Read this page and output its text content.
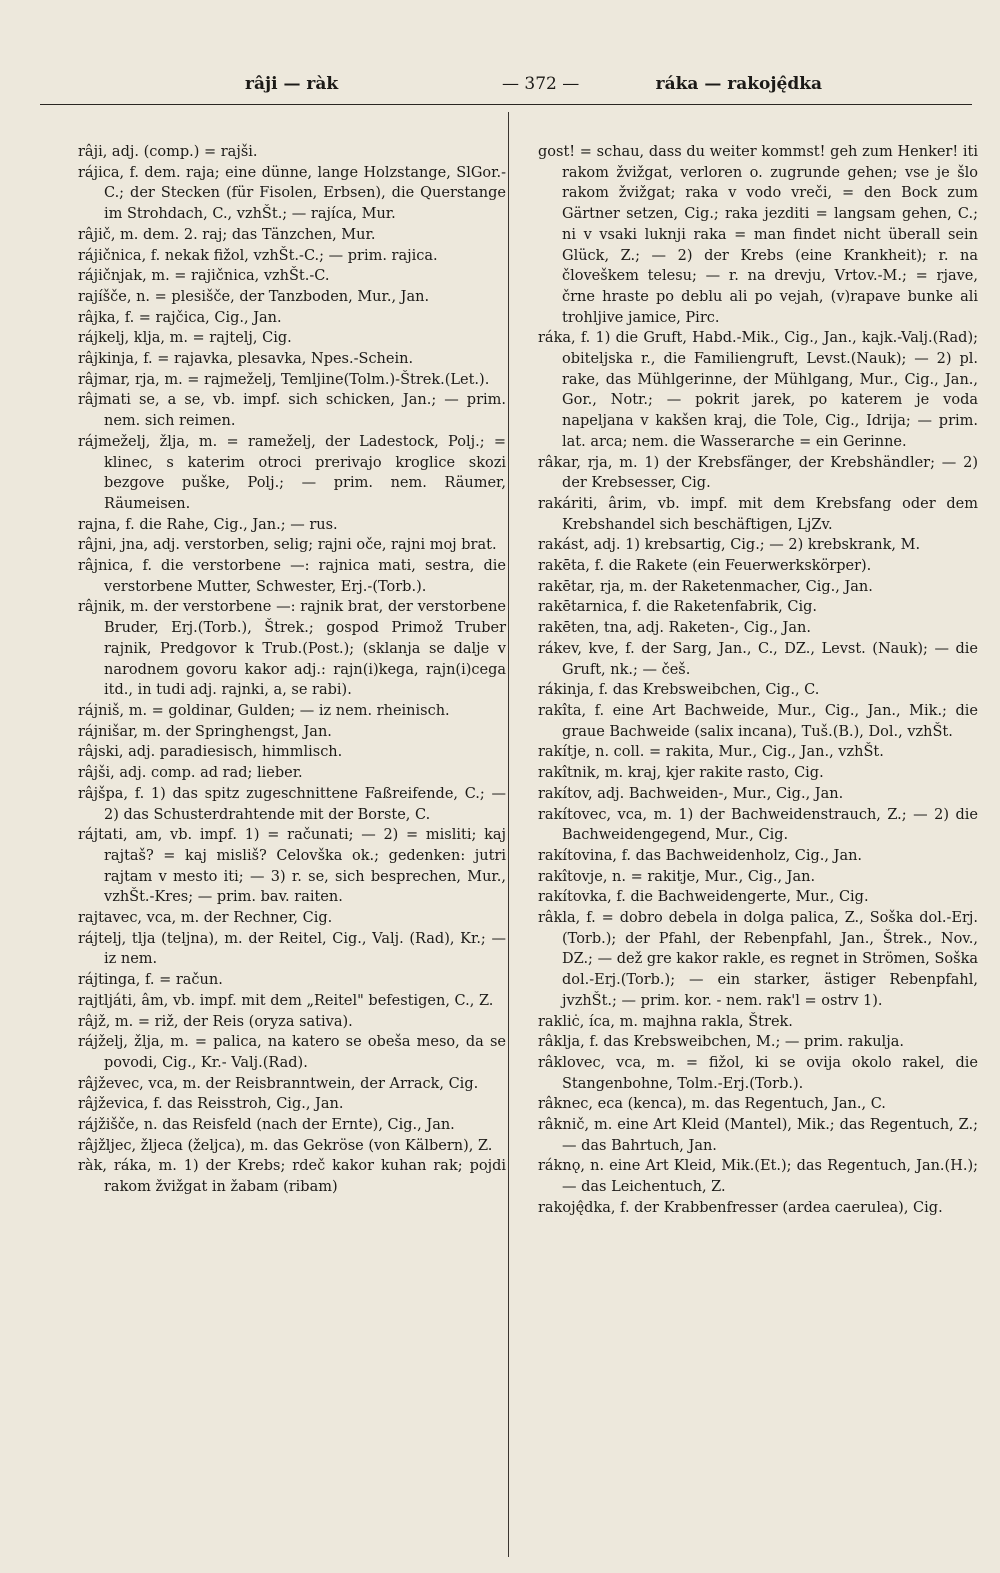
râji — ràk	— 372 —	ráka — rakoję̂dka

râji, adj. (comp.) = rajši.

rájica, f. dem. raja; eine dünne, lange Holzstange, SlGor.- C.; der Stecken (für Fisolen, Erbsen), die Querstange im Strohdach, C., vzhŠt.; — rajíca, Mur.

râjič, m. dem. 2. raj; das Tänzchen, Mur.

rájičnica, f. nekak fižol, vzhŠt.-C.; — prim. rajica.

rájičnjak, m. = rajičnica, vzhŠt.-C.

rajíšče, n. = plesišče, der Tanzboden, Mur., Jan.

râjka, f. = rajčica, Cig., Jan.

rájkelj, klja, m. = rajtelj, Cig.

râjkinja, f. = rajavka, plesavka, Npes.-Schein.

râjmar, rja, m. = rajmeželj, Temljine(Tolm.)-Štrek.(Let.).

râjmati se, a se, vb. impf. sich schicken, Jan.; — prim. nem. sich reimen.

rájmeželj, žlja, m. = rameželj, der Ladestock, Polj.; = klinec, s katerim otroci prerivajo kroglice skozi bezgove puške, Polj.; — prim. nem. Räumer, Räumeisen.

rajna, f. die Rahe, Cig., Jan.; — rus.

râjni, jna, adj. verstorben, selig; rajni oče, rajni moj brat.

râjnica, f. die verstorbene —: rajnica mati, sestra, die verstorbene Mutter, Schwester, Erj.-(Torb.).

râjnik, m. der verstorbene —: rajnik brat, der verstorbene Bruder, Erj.(Torb.), Štrek.; gospod Primož Truber rajnik, Predgovor k Trub.(Post.); (sklanja se dalje v narodnem govoru kakor adj.: rajn(i)kega, rajn(i)cega itd., in tudi adj. rajnki, a, se rabi).

rájniš, m. = goldinar, Gulden; — iz nem. rheinisch.

rájnišar, m. der Springhengst, Jan.

râjski, adj. paradiesisch, himmlisch.

râjši, adj. comp. ad rad; lieber.

râjšpa, f. 1) das spitz zugeschnittene Faßreifende, C.; — 2) das Schusterdrahtende mit der Borste, C.

rájtati, am, vb. impf. 1) = računati; — 2) = misliti; kaj rajtaš? = kaj misliš? Celovška ok.; gedenken: jutri rajtam v mesto iti; — 3) r. se, sich besprechen, Mur., vzhŠt.-Kres; — prim. bav. raiten.

rajtavec, vca, m. der Rechner, Cig.

rájtelj, tlja (teljna), m. der Reitel, Cig., Valj. (Rad), Kr.; — iz nem.

rájtinga, f. = račun.

rajtljáti, âm, vb. impf. mit dem „Reitel" befestigen, C., Z.

râjž, m. = riž, der Reis (oryza sativa).

rájželj, žlja, m. = palica, na katero se obeša meso, da se povodi, Cig., Kr.- Valj.(Rad).

râjževec, vca, m. der Reisbranntwein, der Arrack, Cig.

râjževica, f. das Reisstroh, Cig., Jan.

rájžišče, n. das Reisfeld (nach der Ernte), Cig., Jan.

râjžljec, žljeca (želјca), m. das Gekröse (von Kälbern), Z.

ràk, ráka, m. 1) der Krebs; rdeč kakor kuhan rak; pojdi rakom žvižgat in žabam (ribam)

gost! = schau, dass du weiter kommst! geh zum Henker! iti rakom žvižgat, verloren o. zugrunde gehen; vse je šlo rakom žvižgat; raka v vodo vreči, = den Bock zum Gärtner setzen, Cig.; raka jezditi = langsam gehen, C.; ni v vsaki luknji raka = man findet nicht überall sein Glück, Z.; — 2) der Krebs (eine Krankheit); r. na človeškem telesu; — r. na drevju, Vrtov.-M.; = rjave, črne hraste po deblu ali po vejah, (v)rapave bunke ali trohljive jamice, Pirc.

ráka, f. 1) die Gruft, Habd.-Mik., Cig., Jan., kajk.-Valj.(Rad); obiteljska r., die Familiengruft, Levst.(Nauk); — 2) pl. rake, das Mühlgerinne, der Mühlgang, Mur., Cig., Jan., Gor., Notr.; — pokrit jarek, po katerem je voda napeljana v kakšen kraj, die Tole, Cig., Idrija; — prim. lat. arca; nem. die Wasserarche = ein Gerinne.

râkar, rja, m. 1) der Krebsfänger, der Krebshändler; — 2) der Krebsesser, Cig.

rakáriti, ârim, vb. impf. mit dem Krebsfang oder dem Krebshandel sich beschäftigen, LjZv.

rakást, adj. 1) krebsartig, Cig.; — 2) krebskrank, M.

rakēta, f. die Rakete (ein Feuerwerkskörper).

rakētar, rja, m. der Raketenmacher, Cig., Jan.

rakētarnica, f. die Raketenfabrik, Cig.

rakēten, tna, adj. Raketen-, Cig., Jan.

rákev, kve, f. der Sarg, Jan., C., DZ., Levst. (Nauk); — die Gruft, nk.; — češ.

rákinja, f. das Krebsweibchen, Cig., C.

rakîta, f. eine Art Bachweide, Mur., Cig., Jan., Mik.; die graue Bachweide (salix incana), Tuš.(B.), Dol., vzhŠt.

rakítje, n. coll. = rakita, Mur., Cig., Jan., vzhŠt.

rakîtnik, m. kraj, kjer rakite rasto, Cig.

rakítov, adj. Bachweiden-, Mur., Cig., Jan.

rakítovec, vca, m. 1) der Bachweidenstrauch, Z.; — 2) die Bachweidengegend, Mur., Cig.

rakítovina, f. das Bachweidenholz, Cig., Jan.

rakîtovje, n. = rakitje, Mur., Cig., Jan.

rakítovka, f. die Bachweidengerte, Mur., Cig.

râkla, f. = dobro debela in dolga palica, Z., Soška dol.-Erj.(Torb.); der Pfahl, der Rebenpfahl, Jan., Štrek., Nov., DZ.; — dež gre kakor rakle, es regnet in Strömen, Soška dol.-Erj.(Torb.); — ein starker, ästiger Rebenpfahl, jvzhŠt.; — prim. kor. - nem. rak'l = ostrv 1).

rakliċ, íca, m. majhna rakla, Štrek.

râklja, f. das Krebsweibchen, M.; — prim. rakulja.

râklovec, vca, m. = fižol, ki se ovija okolo rakel, die Stangenbohne, Tolm.-Erj.(Torb.).

râknec, eca (kenca), m. das Regentuch, Jan., C.

râknič, m. eine Art Kleid (Mantel), Mik.; das Regentuch, Z.; — das Bahrtuch, Jan.

ráknǫ, n. eine Art Kleid, Mik.(Et.); das Regentuch, Jan.(H.); — das Leichentuch, Z.

rakoję̂dka, f. der Krabbenfresser (ardea caerulea), Cig.
